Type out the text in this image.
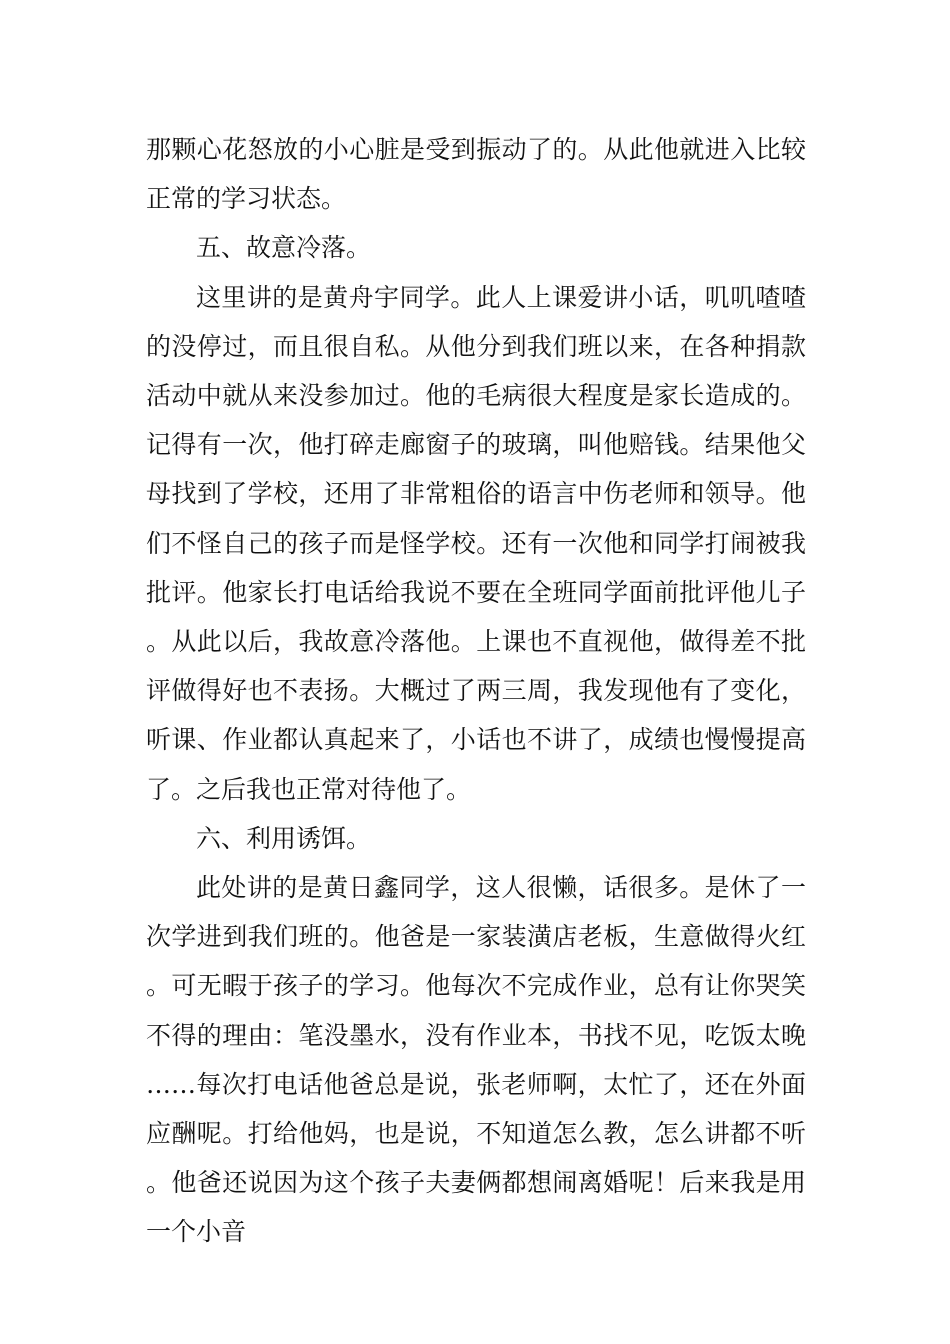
那颗心花怒放的小心脏是受到振动了的。从此他就进入比较正常的学习状态。

五、故意冷落。

这里讲的是黄舟宇同学。此人上课爱讲小话，叽叽喳喳的没停过，而且很自私。从他分到我们班以来，在各种捐款活动中就从来没参加过。他的毛病很大程度是家长造成的。记得有一次，他打碎走廊窗子的玻璃，叫他赔钱。结果他父母找到了学校，还用了非常粗俗的语言中伤老师和领导。他们不怪自己的孩子而是怪学校。还有一次他和同学打闹被我批评。他家长打电话给我说不要在全班同学面前批评他儿子。从此以后，我故意冷落他。上课也不直视他，做得差不批评做得好也不表扬。大概过了两三周，我发现他有了变化，听课、作业都认真起来了，小话也不讲了，成绩也慢慢提高了。之后我也正常对待他了。

六、利用诱饵。

此处讲的是黄日鑫同学，这人很懒，话很多。是休了一次学进到我们班的。他爸是一家装潢店老板，生意做得火红。可无暇于孩子的学习。他每次不完成作业，总有让你哭笑不得的理由：笔没墨水，没有作业本，书找不见，吃饭太晚……每次打电话他爸总是说，张老师啊，太忙了，还在外面应酬呢。打给他妈，也是说，不知道怎么教，怎么讲都不听。他爸还说因为这个孩子夫妻俩都想闹离婚呢！后来我是用一个小音
